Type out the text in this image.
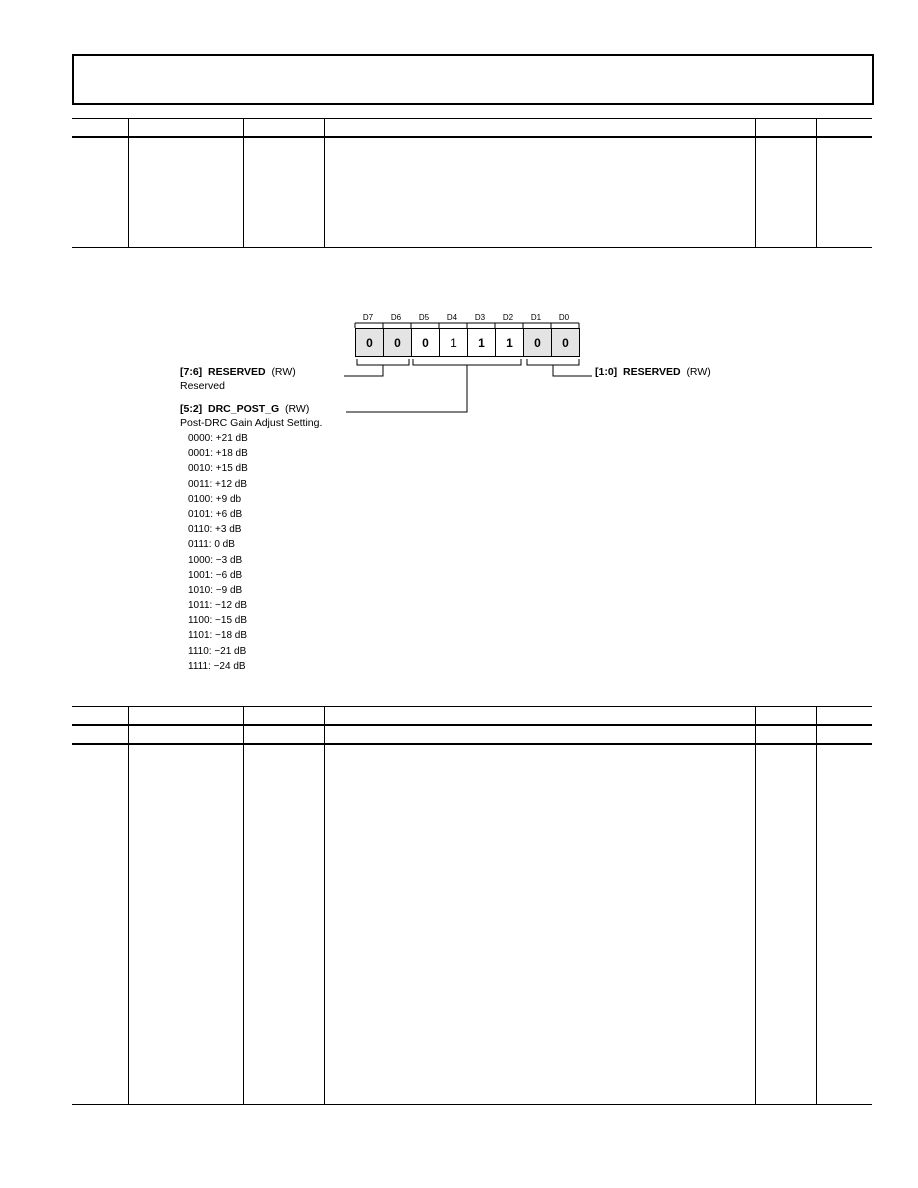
D7	D6	D5	D4	D3	D2	D1	D0
0	0	0	1	1	1	0	0
[7:6] RESERVED (RW)
Reserved
[5:2] DRC_POST_G (RW)
Post-DRC Gain Adjust Setting.
[1:0] RESERVED (RW)
0000: +21 dB
0001: +18 dB
0010: +15 dB
0011: +12 dB
0100: +9 db
0101: +6 dB
0110: +3 dB
0111: 0 dB
1000: −3 dB
1001: −6 dB
1010: −9 dB
1011: −12 dB
1100: −15 dB
1101: −18 dB
1110: −21 dB
1111: −24 dB
